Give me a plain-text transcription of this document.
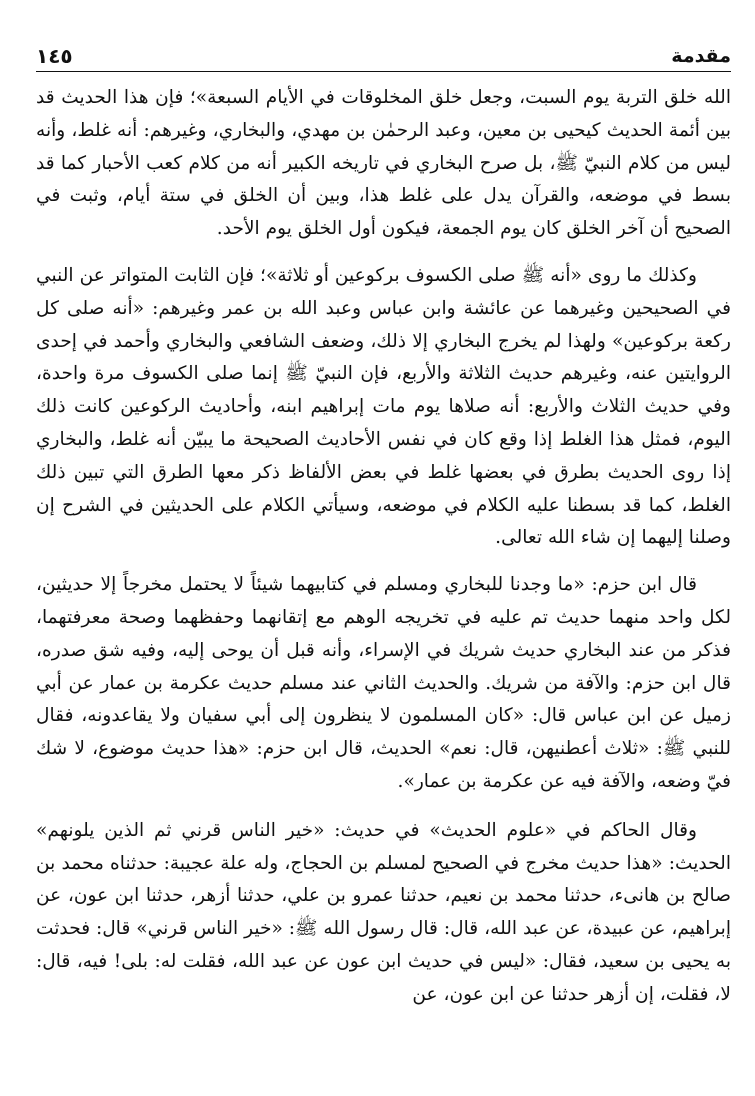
مقدمة
١٤٥

الله خلق التربة يوم السبت، وجعل خلق المخلوقات في الأيام السبعة»؛ فإن هذا الحديث قد بين أئمة الحديث كيحيى بن معين، وعبد الرحمٰن بن مهدي، والبخاري، وغيرهم: أنه غلط، وأنه ليس من كلام النبيّ ﷺ، بل صرح البخاري في تاريخه الكبير أنه من كلام كعب الأحبار كما قد بسط في موضعه، والقرآن يدل على غلط هذا، وبين أن الخلق في ستة أيام، وثبت في الصحيح أن آخر الخلق كان يوم الجمعة، فيكون أول الخلق يوم الأحد.

وكذلك ما روى «أنه ﷺ صلى الكسوف بركوعين أو ثلاثة»؛ فإن الثابت المتواتر عن النبي في الصحيحين وغيرهما عن عائشة وابن عباس وعبد الله بن عمر وغيرهم: «أنه صلى كل ركعة بركوعين» ولهذا لم يخرج البخاري إلا ذلك، وضعف الشافعي والبخاري وأحمد في إحدى الروايتين عنه، وغيرهم حديث الثلاثة والأربع، فإن النبيّ ﷺ إنما صلى الكسوف مرة واحدة، وفي حديث الثلاث والأربع: أنه صلاها يوم مات إبراهيم ابنه، وأحاديث الركوعين كانت ذلك اليوم، فمثل هذا الغلط إذا وقع كان في نفس الأحاديث الصحيحة ما يبيّن أنه غلط، والبخاري إذا روى الحديث بطرق في بعضها غلط في بعض الألفاظ ذكر معها الطرق التي تبين ذلك الغلط، كما قد بسطنا عليه الكلام في موضعه، وسيأتي الكلام على الحديثين في الشرح إن وصلنا إليهما إن شاء الله تعالى.

قال ابن حزم: «ما وجدنا للبخاري ومسلم في كتابيهما شيئاً لا يحتمل مخرجاً إلا حديثين، لكل واحد منهما حديث تم عليه في تخريجه الوهم مع إتقانهما وحفظهما وصحة معرفتهما، فذكر من عند البخاري حديث شريك في الإسراء، وأنه قبل أن يوحى إليه، وفيه شق صدره، قال ابن حزم: والآفة من شريك. والحديث الثاني عند مسلم حديث عكرمة بن عمار عن أبي زميل عن ابن عباس قال: «كان المسلمون لا ينظرون إلى أبي سفيان ولا يقاعدونه، فقال للنبي ﷺ: «ثلاث أعطنيهن، قال: نعم» الحديث، قال ابن حزم: «هذا حديث موضوع، لا شك فيّ وضعه، والآفة فيه عن عكرمة بن عمار».

وقال الحاكم في «علوم الحديث» في حديث: «خير الناس قرني ثم الذين يلونهم» الحديث: «هذا حديث مخرج في الصحيح لمسلم بن الحجاج، وله علة عجيبة: حدثناه محمد بن صالح بن هانىء، حدثنا محمد بن نعيم، حدثنا عمرو بن علي، حدثنا أزهر، حدثنا ابن عون، عن إبراهيم، عن عبيدة، عن عبد الله، قال: قال رسول الله ﷺ: «خير الناس قرني» قال: فحدثت به يحيى بن سعيد، فقال: «ليس في حديث ابن عون عن عبد الله، فقلت له: بلى! فيه، قال: لا، فقلت، إن أزهر حدثنا عن ابن عون، عن
